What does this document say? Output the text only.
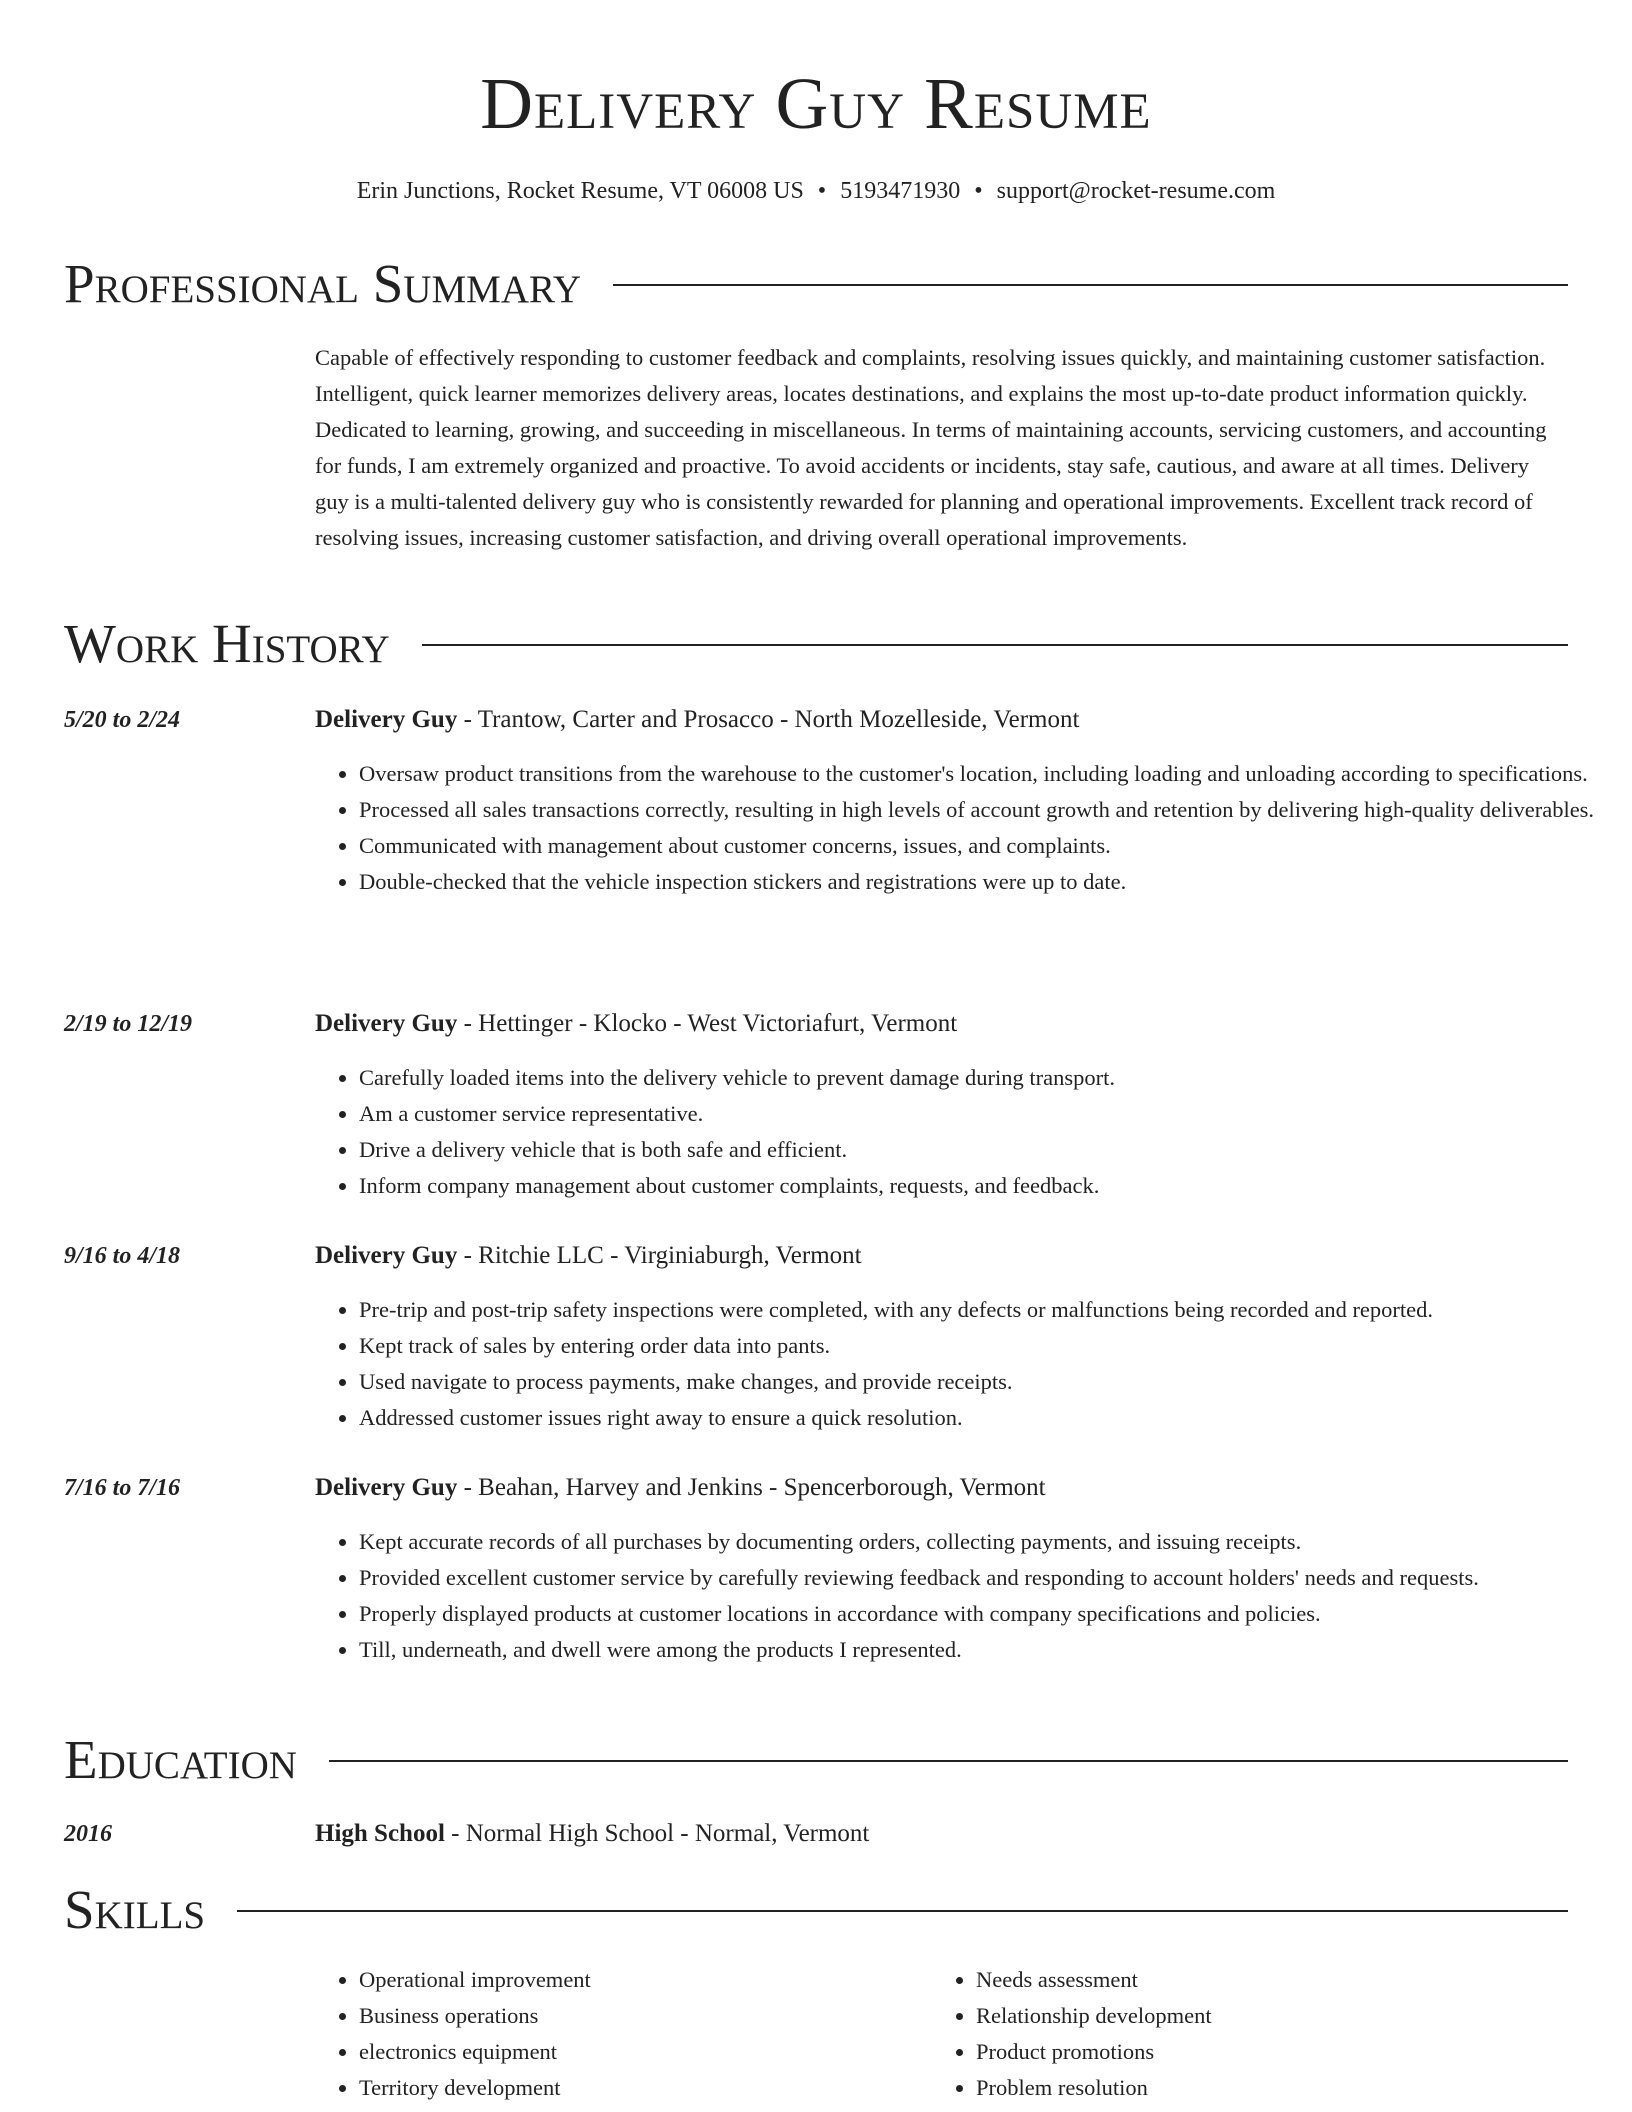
Delivery Guy Resume
Erin Junctions, Rocket Resume, VT 06008 US • 5193471930 • support@rocket-resume.com
Professional Summary

Capable of effectively responding to customer feedback and complaints, resolving issues quickly, and maintaining customer satisfaction. Intelligent, quick learner memorizes delivery areas, locates destinations, and explains the most up-to-date product information quickly. Dedicated to learning, growing, and succeeding in miscellaneous. In terms of maintaining accounts, servicing customers, and accounting for funds, I am extremely organized and proactive. To avoid accidents or incidents, stay safe, cautious, and aware at all times. Delivery guy is a multi-talented delivery guy who is consistently rewarded for planning and operational improvements. Excellent track record of resolving issues, increasing customer satisfaction, and driving overall operational improvements.

Work History
5/20 to 2/24	Delivery Guy - Trantow, Carter and Prosacco - North Mozelleside, Vermont
• Oversaw product transitions from the warehouse to the customer's location, including loading and unloading according to specifications.
• Processed all sales transactions correctly, resulting in high levels of account growth and retention by delivering high-quality deliverables.
• Communicated with management about customer concerns, issues, and complaints.
• Double-checked that the vehicle inspection stickers and registrations were up to date.
2/19 to 12/19	Delivery Guy - Hettinger - Klocko - West Victoriafurt, Vermont
• Carefully loaded items into the delivery vehicle to prevent damage during transport.
• Am a customer service representative.
• Drive a delivery vehicle that is both safe and efficient.
• Inform company management about customer complaints, requests, and feedback.
9/16 to 4/18	Delivery Guy - Ritchie LLC - Virginiaburgh, Vermont
• Pre-trip and post-trip safety inspections were completed, with any defects or malfunctions being recorded and reported.
• Kept track of sales by entering order data into pants.
• Used navigate to process payments, make changes, and provide receipts.
• Addressed customer issues right away to ensure a quick resolution.
7/16 to 7/16	Delivery Guy - Beahan, Harvey and Jenkins - Spencerborough, Vermont
• Kept accurate records of all purchases by documenting orders, collecting payments, and issuing receipts.
• Provided excellent customer service by carefully reviewing feedback and responding to account holders' needs and requests.
• Properly displayed products at customer locations in accordance with company specifications and policies.
• Till, underneath, and dwell were among the products I represented.
Education
2016	High School - Normal High School - Normal, Vermont
Skills
• Operational improvement
• Business operations
• electronics equipment
• Territory development
• Needs assessment
• Relationship development
• Product promotions
• Problem resolution
